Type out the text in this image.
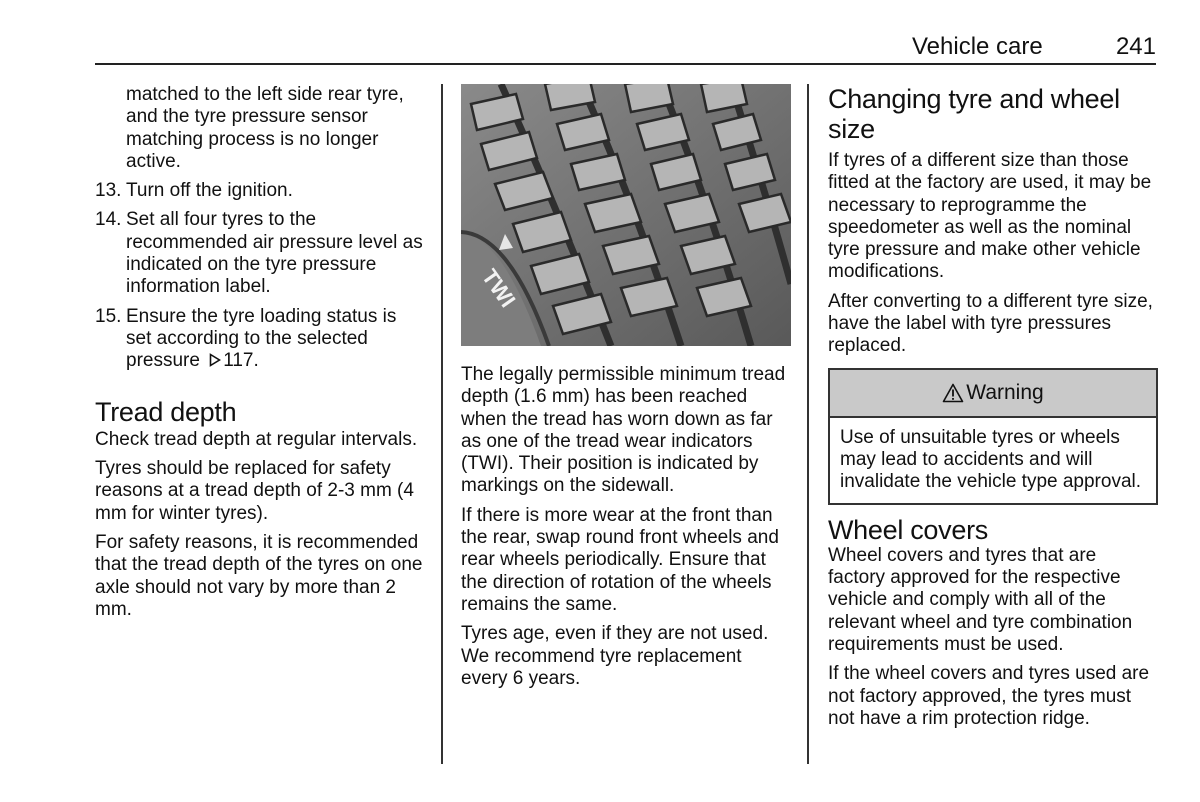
Vehicle care	241

matched to the left side rear tyre, and the tyre pressure sensor matching process is no longer active.

13. Turn off the ignition.
14. Set all four tyres to the recommended air pressure level as indicated on the tyre pressure information label.
15. Ensure the tyre loading status is set according to the selected pressure 117.
Tread depth

Check tread depth at regular intervals.

Tyres should be replaced for safety reasons at a tread depth of 2-3 mm (4 mm for winter tyres).

For safety reasons, it is recommended that the tread depth of the tyres on one axle should not vary by more than 2 mm.

TWI

The legally permissible minimum tread depth (1.6 mm) has been reached when the tread has worn down as far as one of the tread wear indicators (TWI). Their position is indicated by markings on the sidewall.

If there is more wear at the front than the rear, swap round front wheels and rear wheels periodically. Ensure that the direction of rotation of the wheels remains the same.

Tyres age, even if they are not used. We recommend tyre replacement every 6 years.

Changing tyre and wheel size

If tyres of a different size than those fitted at the factory are used, it may be necessary to reprogramme the speedometer as well as the nominal tyre pressure and make other vehicle modifications.

After converting to a different tyre size, have the label with tyre pressures replaced.

Warning
Use of unsuitable tyres or wheels may lead to accidents and will invalidate the vehicle type approval.
Wheel covers

Wheel covers and tyres that are factory approved for the respective vehicle and comply with all of the relevant wheel and tyre combination requirements must be used.

If the wheel covers and tyres used are not factory approved, the tyres must not have a rim protection ridge.
